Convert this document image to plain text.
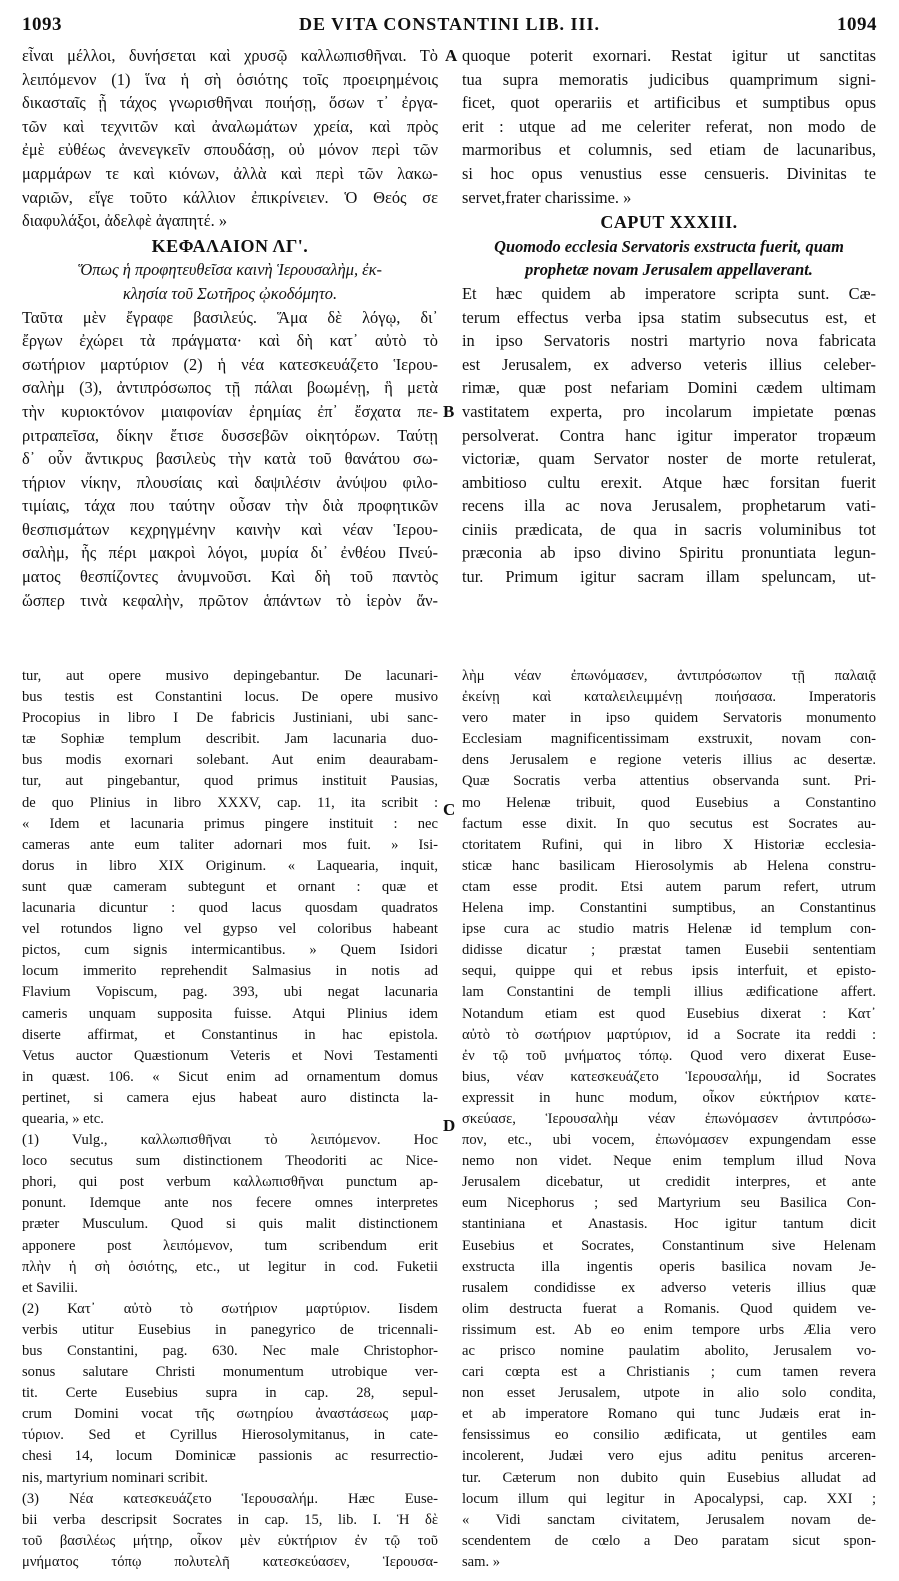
1093	DE VITA CONSTANTINI LIB. III.	1094
A
B
C
D
εἶναι μέλλοι, δυνήσεται καὶ χρυσῷ καλλωπισθῆναι. Τὸ
λειπόμενον (1) ἵνα ἡ σὴ ὁσιότης τοῖς προειρημένοις
δικασταῖς ᾖ τάχος γνωρισθῆναι ποιήσῃ, ὅσων τ᾿ ἐργα-
τῶν καὶ τεχνιτῶν καὶ ἀναλωμάτων χρεία, καὶ πρὸς
ἐμὲ εὐθέως ἀνενεγκεῖν σπουδάσῃ, οὐ μόνον περὶ τῶν
μαρμάρων τε καὶ κιόνων, ἀλλὰ καὶ περὶ τῶν λακω-
ναριῶν, εἴγε τοῦτο κάλλιον ἐπικρίνειεν. Ὁ Θεός σε
διαφυλάξοι, ἀδελφὲ ἀγαπητέ. »
ΚΕΦΑΛΑΙΟΝ ΛΓ'.
Ὅπως ἡ προφητευθεῖσα καινὴ Ἱερουσαλὴμ, ἐκ-
κλησία τοῦ Σωτῆρος ᾠκοδόμητο.
Ταῦτα μὲν ἔγραφε βασιλεύς. Ἅμα δὲ λόγῳ, δι᾿
ἔργων ἐχώρει τὰ πράγματα· καὶ δὴ κατ᾿ αὐτὸ τὸ
σωτήριον μαρτύριον (2) ἡ νέα κατεσκευάζετο Ἱερου-
σαλὴμ (3), ἀντιπρόσωπος τῇ πάλαι βοωμένῃ, ἣ μετὰ
τὴν κυριοκτόνον μιαιφονίαν ἐρημίας ἐπ᾿ ἔσχατα πε-
ριτραπεῖσα, δίκην ἔτισε δυσσεβῶν οἰκητόρων. Ταύτῃ
δ᾿ οὖν ἄντικρυς βασιλεὺς τὴν κατὰ τοῦ θανάτου σω-
τήριον νίκην, πλουσίαις καὶ δαψιλέσιν ἀνύψου φιλο-
τιμίαις, τάχα που ταύτην οὖσαν τὴν διὰ προφητικῶν
θεσπισμάτων κεχρηγμένην καινὴν καὶ νέαν Ἱερου-
σαλὴμ, ἧς πέρι μακροὶ λόγοι, μυρία δι᾿ ἐνθέου Πνεύ-
ματος θεσπίζοντες ἀνυμνοῦσι. Καὶ δὴ τοῦ παντὸς
ὥσπερ τινὰ κεφαλὴν, πρῶτον ἁπάντων τὸ ἱερὸν ἄν-
quoque poterit exornari. Restat igitur ut sanctitas
tua supra memoratis judicibus quamprimum signi-
ficet, quot operariis et artificibus et sumptibus opus
erit : utque ad me celeriter referat, non modo de
marmoribus et columnis, sed etiam de lacunaribus,
si hoc opus venustius esse censueris. Divinitas te
servet,frater charissime. »
CAPUT XXXIII.
Quomodo ecclesia Servatoris exstructa fuerit, quam
prophetæ novam Jerusalem appellaverant.
Et hæc quidem ab imperatore scripta sunt. Cæ-
terum effectus verba ipsa statim subsecutus est, et
in ipso Servatoris nostri martyrio nova fabricata
est Jerusalem, ex adverso veteris illius celeber-
rimæ, quæ post nefariam Domini cædem ultimam
vastitatem experta, pro incolarum impietate pœnas
persolverat. Contra hanc igitur imperator tropæum
victoriæ, quam Servator noster de morte retulerat,
ambitioso cultu erexit. Atque hæc forsitan fuerit
recens illa ac nova Jerusalem, prophetarum vati-
ciniis prædicata, de qua in sacris voluminibus tot
præconia ab ipso divino Spiritu pronuntiata legun-
tur. Primum igitur sacram illam speluncam, ut-
tur, aut opere musivo depingebantur. De lacunari-
bus testis est Constantini locus. De opere musivo
Procopius in libro I De fabricis Justiniani, ubi sanc-
tæ Sophiæ templum describit. Jam lacunaria duo-
bus modis exornari solebant. Aut enim deaurabam-
tur, aut pingebantur, quod primus instituit Pausias,
de quo Plinius in libro XXXV, cap. 11, ita scribit :
« Idem et lacunaria primus pingere instituit : nec
cameras ante eum taliter adornari mos fuit. » Isi-
dorus in libro XIX Originum. « Laquearia, inquit,
sunt quæ cameram subtegunt et ornant : quæ et
lacunaria dicuntur : quod lacus quosdam quadratos
vel rotundos ligno vel gypso vel coloribus habeant
pictos, cum signis intermicantibus. » Quem Isidori
locum immerito reprehendit Salmasius in notis ad
Flavium Vopiscum, pag. 393, ubi negat lacunaria
cameris unquam supposita fuisse. Atqui Plinius idem
diserte affirmat, et Constantinus in hac epistola.
Vetus auctor Quæstionum Veteris et Novi Testamenti
in quæst. 106. « Sicut enim ad ornamentum domus
pertinet, si camera ejus habeat auro distincta la-
quearia, » etc.
(1) Vulg., καλλωπισθῆναι τὸ λειπόμενον. Hoc
loco secutus sum distinctionem Theodoriti ac Nice-
phori, qui post verbum καλλωπισθῆναι punctum ap-
ponunt. Idemque ante nos fecere omnes interpretes
præter Musculum. Quod si quis malit distinctionem
apponere post λειπόμενον, tum scribendum erit
πλὴν ἡ σὴ ὁσιότης, etc., ut legitur in cod. Fuketii
et Savilii.
(2) Κατ᾿ αὐτὸ τὸ σωτήριον μαρτύριον. Iisdem
verbis utitur Eusebius in panegyrico de tricennali-
bus Constantini, pag. 630. Nec male Christophor-
sonus salutare Christi monumentum utrobique ver-
tit. Certe Eusebius supra in cap. 28, sepul-
crum Domini vocat τῆς σωτηρίου ἀναστάσεως μαρ-
τύριον. Sed et Cyrillus Hierosolymitanus, in cate-
chesi 14, locum Dominicæ passionis ac resurrectio-
nis, martyrium nominari scribit.
(3) Νέα κατεσκευάζετο Ἱερουσαλήμ. Hæc Euse-
bii verba descripsit Socrates in cap. 15, lib. I. Ἡ δὲ
τοῦ βασιλέως μήτηρ, οἶκον μὲν εὐκτήριον ἐν τῷ τοῦ
μνήματος τόπῳ πολυτελῆ κατεσκεύασεν, Ἱερουσα-
λὴμ νέαν ἐπωνόμασεν, ἀντιπρόσωπον τῇ παλαιᾷ
ἐκείνῃ καὶ καταλειλειμμένῃ ποιήσασα. Imperatoris
vero mater in ipso quidem Servatoris monumento
Ecclesiam magnificentissimam exstruxit, novam con-
dens Jerusalem e regione veteris illius ac desertæ.
Quæ Socratis verba attentius observanda sunt. Pri-
mo Helenæ tribuit, quod Eusebius a Constantino
factum esse dixit. In quo secutus est Socrates au-
ctoritatem Rufini, qui in libro X Historiæ ecclesia-
sticæ hanc basilicam Hierosolymis ab Helena constru-
ctam esse prodit. Etsi autem parum refert, utrum
Helena imp. Constantini sumptibus, an Constantinus
ipse cura ac studio matris Helenæ id templum con-
didisse dicatur ; præstat tamen Eusebii sententiam
sequi, quippe qui et rebus ipsis interfuit, et episto-
lam Constantini de templi illius ædificatione affert.
Notandum etiam est quod Eusebius dixerat : Κατ᾿
αὐτὸ τὸ σωτήριον μαρτύριον, id a Socrate ita reddi :
ἐν τῷ τοῦ μνήματος τόπῳ. Quod vero dixerat Euse-
bius, νέαν κατεσκευάζετο Ἱερουσαλήμ, id Socrates
expressit in hunc modum, οἶκον εὐκτήριον κατε-
σκεύασε, Ἱερουσαλὴμ νέαν ἐπωνόμασεν ἀντιπρόσω-
πον, etc., ubi vocem, ἐπωνόμασεν expungendam esse
nemo non videt. Neque enim templum illud Nova
Jerusalem dicebatur, ut credidit interpres, et ante
eum Nicephorus ; sed Martyrium seu Basilica Con-
stantiniana et Anastasis. Hoc igitur tantum dicit
Eusebius et Socrates, Constantinum sive Helenam
exstructa illa ingentis operis basilica novam Je-
rusalem condidisse ex adverso veteris illius quæ
olim destructa fuerat a Romanis. Quod quidem ve-
rissimum est. Ab eo enim tempore urbs Ælia vero
ac prisco nomine paulatim abolito, Jerusalem vo-
cari cœpta est a Christianis ; cum tamen revera
non esset Jerusalem, utpote in alio solo condita,
et ab imperatore Romano qui tunc Judæis erat in-
fensissimus eo consilio ædificata, ut gentiles eam
incolerent, Judæi vero ejus aditu penitus arceren-
tur. Cæterum non dubito quin Eusebius alludat ad
locum illum qui legitur in Apocalypsi, cap. XXI ;
« Vidi sanctam civitatem, Jerusalem novam de-
scendentem de cœlo a Deo paratam sicut spon-
sam. »
